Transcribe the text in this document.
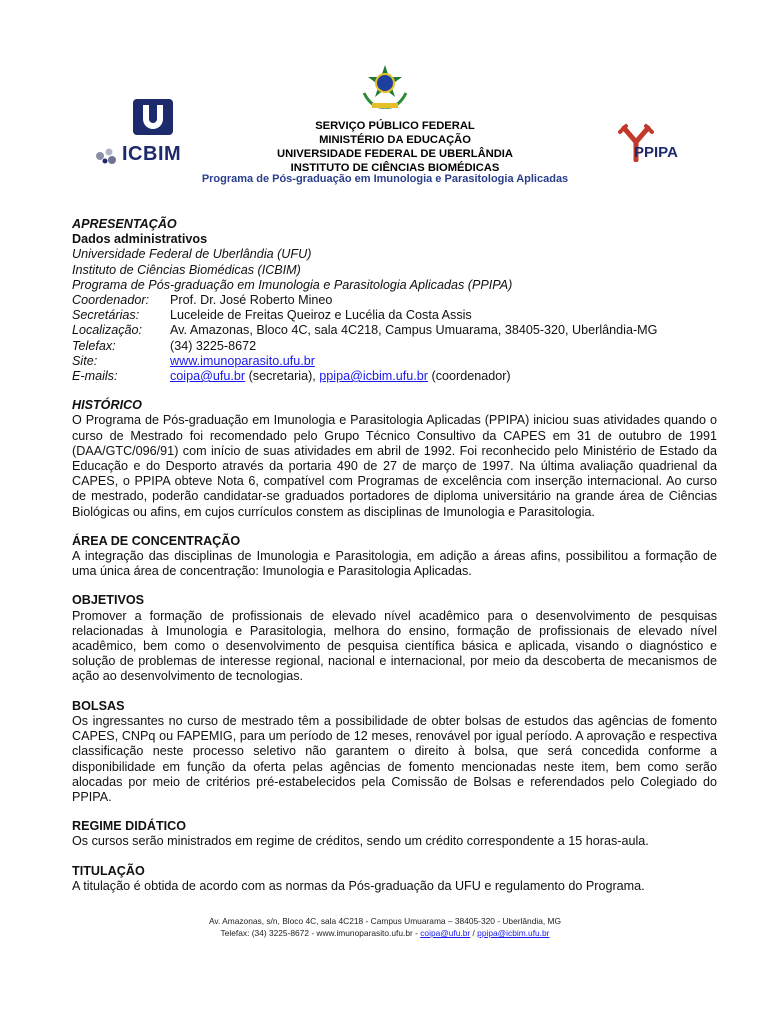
ICBIM	PPIPA
SERVIÇO PÚBLICO FEDERAL
MINISTÉRIO DA EDUCAÇÃO
UNIVERSIDADE FEDERAL DE UBERLÂNDIA
INSTITUTO DE CIÊNCIAS BIOMÉDICAS
Programa de Pós-graduação em Imunologia e Parasitologia Aplicadas
APRESENTAÇÃO
Dados administrativos
Universidade Federal de Uberlândia (UFU)
Instituto de Ciências Biomédicas (ICBIM)
Programa de Pós-graduação em Imunologia e Parasitologia Aplicadas (PPIPA)
Coordenador:	Prof. Dr. José Roberto Mineo
Secretárias:	Luceleide de Freitas Queiroz e Lucélia da Costa Assis
Localização:	Av. Amazonas, Bloco 4C, sala 4C218, Campus Umuarama, 38405-320, Uberlândia-MG
Telefax:	(34) 3225-8672
Site:	www.imunoparasito.ufu.br
E-mails:	coipa@ufu.br (secretaria), ppipa@icbim.ufu.br (coordenador)
HISTÓRICO
O Programa de Pós-graduação em Imunologia e Parasitologia Aplicadas (PPIPA) iniciou suas atividades quando o curso de Mestrado foi recomendado pelo Grupo Técnico Consultivo da CAPES em 31 de outubro de 1991 (DAA/GTC/096/91) com início de suas atividades em abril de 1992. Foi reconhecido pelo Ministério de Estado da Educação e do Desporto através da portaria 490 de 27 de março de 1997. Na última avaliação quadrienal da CAPES, o PPIPA obteve Nota 6, compatível com Programas de excelência com inserção internacional. Ao curso de mestrado, poderão candidatar-se graduados portadores de diploma universitário na grande área de Ciências Biológicas ou afins, em cujos currículos constem as disciplinas de Imunologia e Parasitologia.
ÁREA DE CONCENTRAÇÃO
A integração das disciplinas de Imunologia e Parasitologia, em adição a áreas afins, possibilitou a formação de uma única área de concentração: Imunologia e Parasitologia Aplicadas.
OBJETIVOS
Promover a formação de profissionais de elevado nível acadêmico para o desenvolvimento de pesquisas relacionadas à Imunologia e Parasitologia, melhora do ensino, formação de profissionais de elevado nível acadêmico, bem como o desenvolvimento de pesquisa científica básica e aplicada, visando o diagnóstico e solução de problemas de interesse regional, nacional e internacional, por meio da descoberta de mecanismos de ação ao desenvolvimento de tecnologias.
BOLSAS
Os ingressantes no curso de mestrado têm a possibilidade de obter bolsas de estudos das agências de fomento CAPES, CNPq ou FAPEMIG, para um período de 12 meses, renovável por igual período. A aprovação e respectiva classificação neste processo seletivo não garantem o direito à bolsa, que será concedida conforme a disponibilidade em função da oferta pelas agências de fomento mencionadas neste item, bem como serão alocadas por meio de critérios pré-estabelecidos pela Comissão de Bolsas e referendados pelo Colegiado do PPIPA.
REGIME DIDÁTICO
Os cursos serão ministrados em regime de créditos, sendo um crédito correspondente a 15 horas-aula.
TITULAÇÃO
A titulação é obtida de acordo com as normas da Pós-graduação da UFU e regulamento do Programa.
Av. Amazonas, s/n, Bloco 4C, sala 4C218 - Campus Umuarama – 38405-320 - Uberlândia, MG
Telefax: (34) 3225-8672 - www.imunoparasito.ufu.br - coipa@ufu.br / ppipa@icbim.ufu.br
